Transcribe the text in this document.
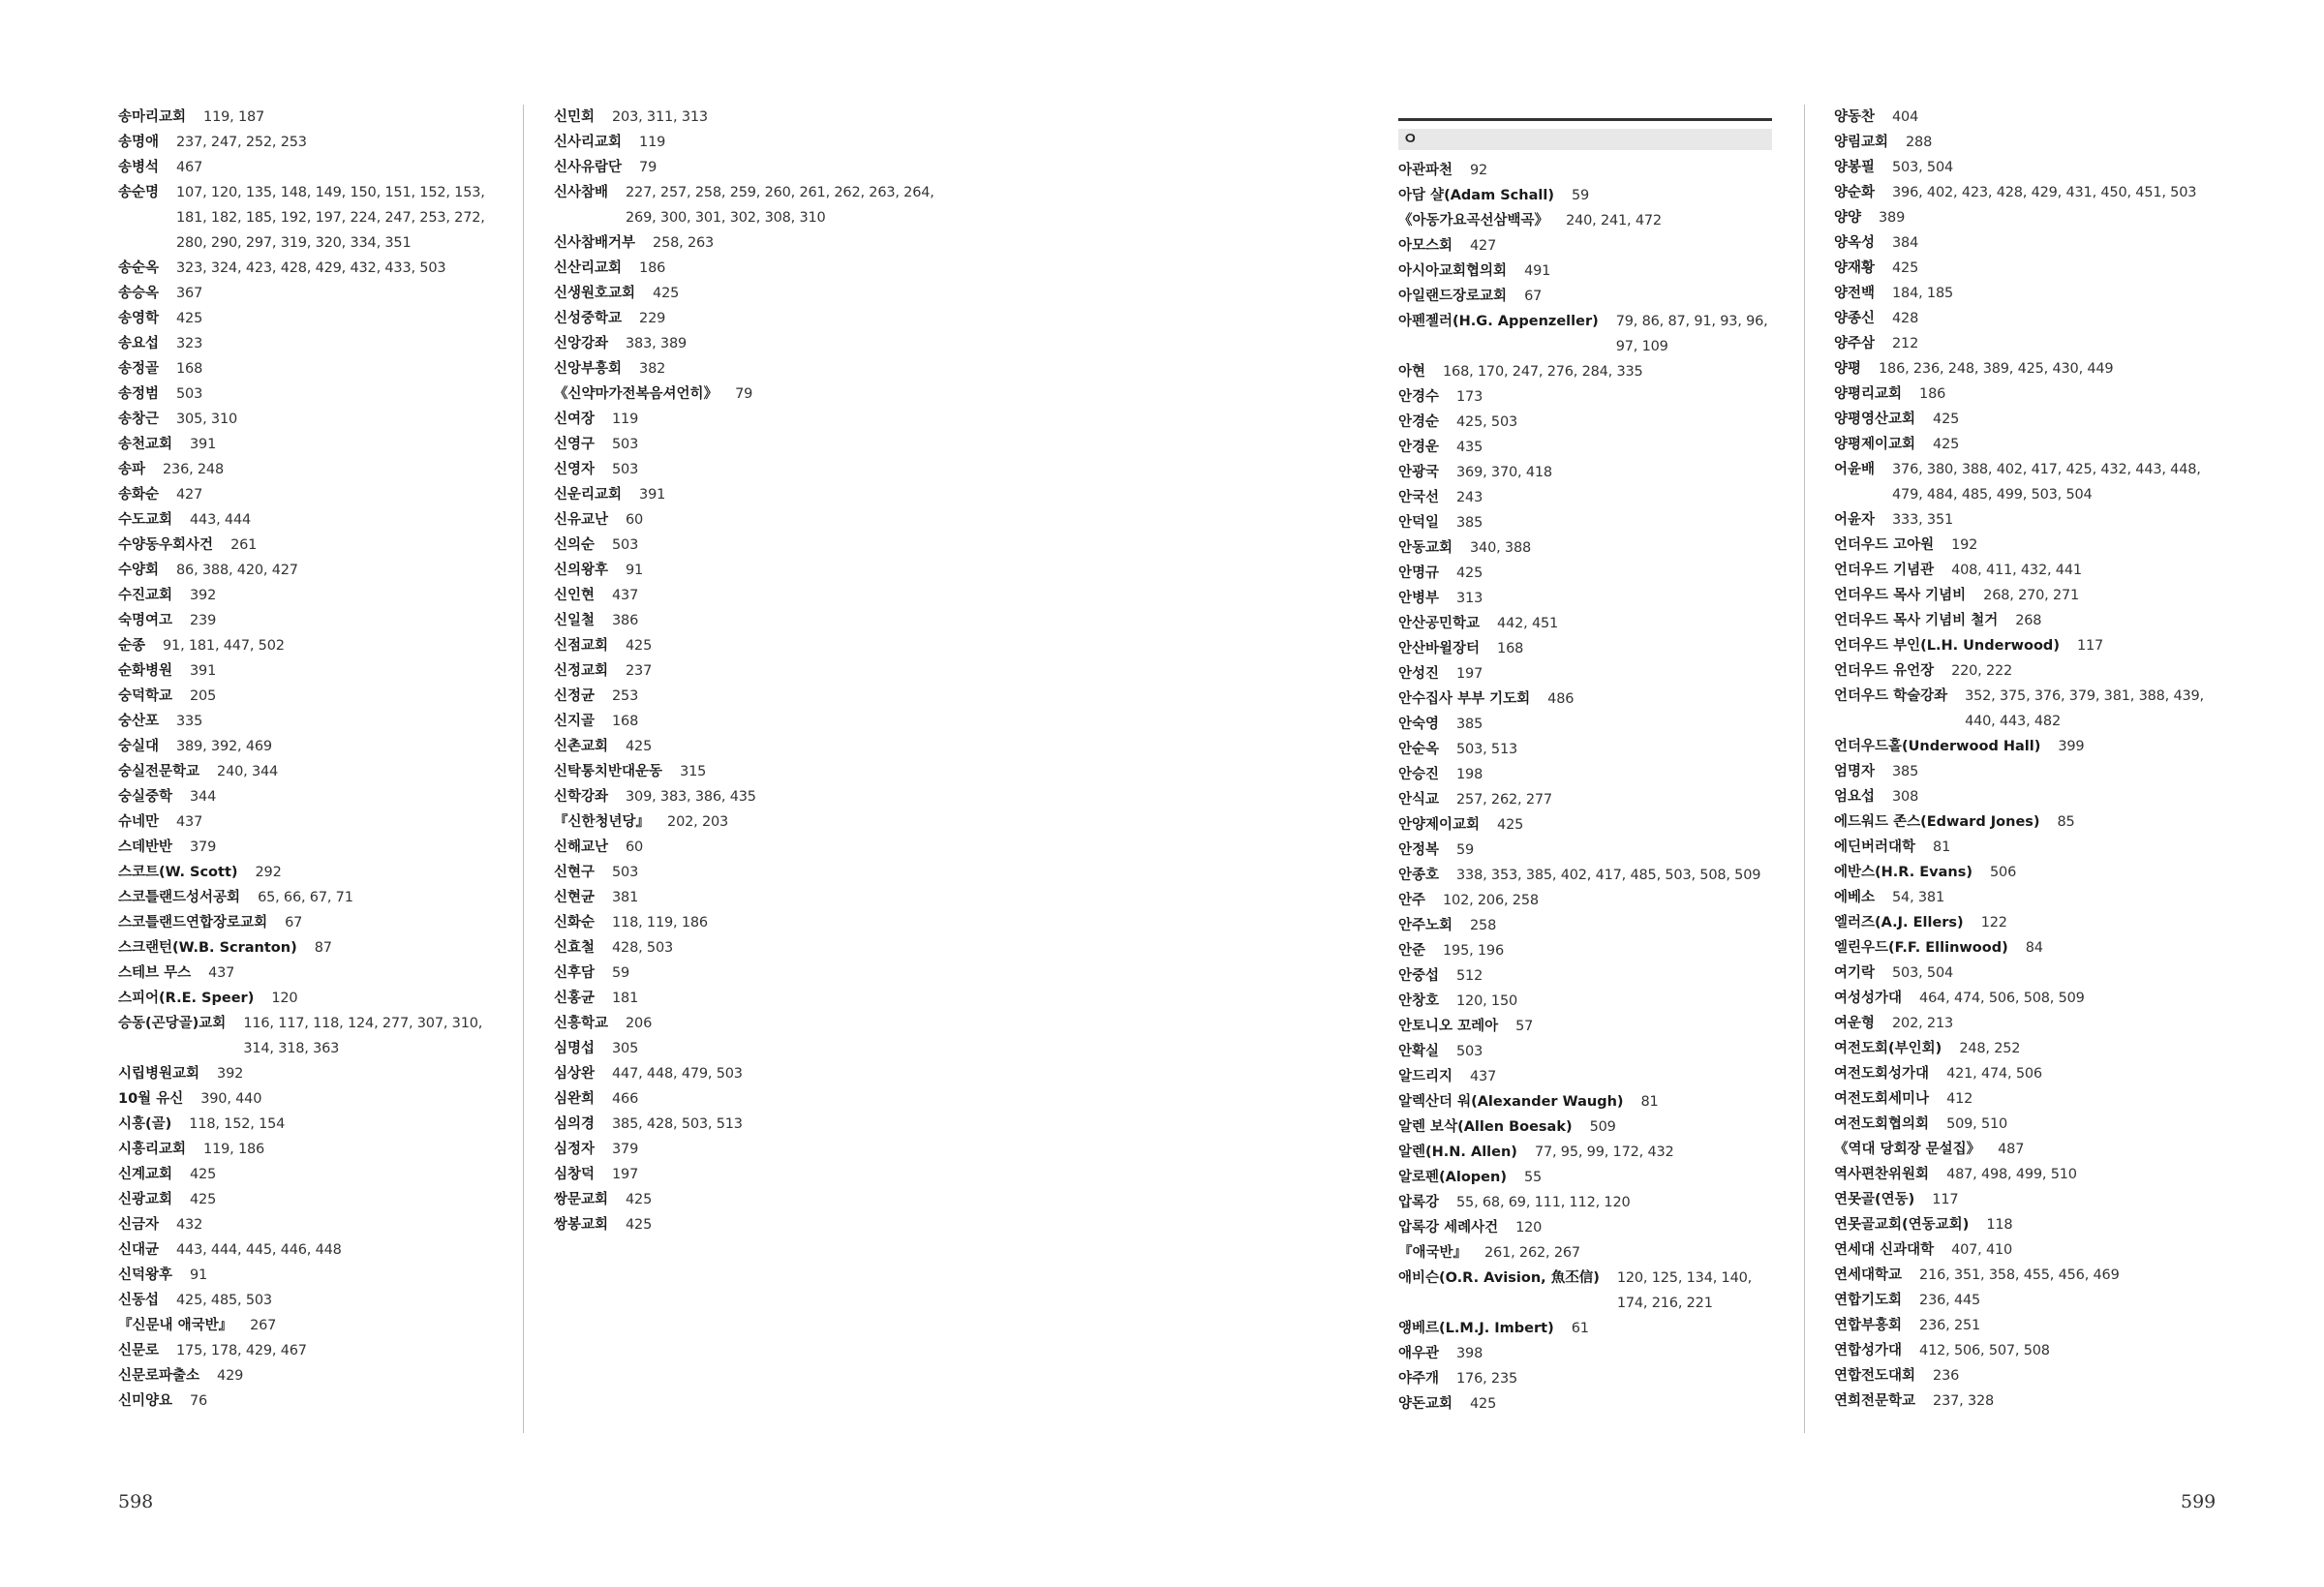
송마리교회	119, 187
송명애	237, 247, 252, 253
송병석	467
송순명	107, 120, 135, 148, 149, 150, 151, 152, 153, 181, 182, 185, 192, 197, 224, 247, 253, 272, 280, 290, 297, 319, 320, 334, 351
송순옥	323, 324, 423, 428, 429, 432, 433, 503
송승옥	367
송영학	425
송요섭	323
송정골	168
송정범	503
송창근	305, 310
송천교회	391
송파	236, 248
송화순	427
수도교회	443, 444
수양동우회사건	261
수양회	86, 388, 420, 427
수진교회	392
숙명여고	239
순종	91, 181, 447, 502
순화병원	391
숭덕학교	205
숭산포	335
숭실대	389, 392, 469
숭실전문학교	240, 344
숭실중학	344
슈네만	437
스데반반	379
스코트(W. Scott)	292
스코틀랜드성서공회	65, 66, 67, 71
스코틀랜드연합장로교회	67
스크랜턴(W.B. Scranton)	87
스테브 무스	437
스피어(R.E. Speer)	120
승동(곤당골)교회	116, 117, 118, 124, 277, 307, 310, 314, 318, 363
시립병원교회	392
10월 유신	390, 440
시흥(골)	118, 152, 154
시흥리교회	119, 186
신계교회	425
신광교회	425
신금자	432
신대균	443, 444, 445, 446, 448
신덕왕후	91
신동섭	425, 485, 503
『신문내 애국반』	267
신문로	175, 178, 429, 467
신문로파출소	429
신미양요	76
신민회	203, 311, 313
신사리교회	119
신사유람단	79
신사참배	227, 257, 258, 259, 260, 261, 262, 263, 264, 269, 300, 301, 302, 308, 310
신사참배거부	258, 263
신산리교회	186
신생원호교회	425
신성중학교	229
신앙강좌	383, 389
신앙부흥회	382
《신약마가전복음셔언히》	79
신여장	119
신영구	503
신영자	503
신운리교회	391
신유교난	60
신의순	503
신의왕후	91
신인현	437
신일철	386
신점교회	425
신정교회	237
신정균	253
신지골	168
신촌교회	425
신탁통치반대운동	315
신학강좌	309, 383, 386, 435
『신한청년당』	202, 203
신해교난	60
신현구	503
신현균	381
신화순	118, 119, 186
신효철	428, 503
신후담	59
신홍균	181
신흥학교	206
심명섭	305
심상완	447, 448, 479, 503
심완희	466
심의경	385, 428, 503, 513
심정자	379
심창덕	197
쌍문교회	425
쌍봉교회	425
598
ㅇ
아관파천	92
아담 샬(Adam Schall)	59
《아동가요곡선삼백곡》	240, 241, 472
아모스회	427
아시아교회협의회	491
아일랜드장로교회	67
아펜젤러(H.G. Appenzeller)	79, 86, 87, 91, 93, 96, 97, 109
아현	168, 170, 247, 276, 284, 335
안경수	173
안경순	425, 503
안경운	435
안광국	369, 370, 418
안국선	243
안덕일	385
안동교회	340, 388
안명규	425
안병부	313
안산공민학교	442, 451
안산바윌장터	168
안성진	197
안수집사 부부 기도회	486
안숙영	385
안순옥	503, 513
안승진	198
안식교	257, 262, 277
안양제이교회	425
안정복	59
안종호	338, 353, 385, 402, 417, 485, 503, 508, 509
안주	102, 206, 258
안주노회	258
안준	195, 196
안중섭	512
안창호	120, 150
안토니오 꼬레아	57
안확실	503
알드리지	437
알렉산더 워(Alexander Waugh)	81
알렌 보삭(Allen Boesak)	509
알렌(H.N. Allen)	77, 95, 99, 172, 432
알로펜(Alopen)	55
압록강	55, 68, 69, 111, 112, 120
압록강 세례사건	120
『애국반』	261, 262, 267
애비슨(O.R. Avision, 魚丕信)	120, 125, 134, 140, 174, 216, 221
앵베르(L.M.J. Imbert)	61
애우관	398
야주개	176, 235
양돈교회	425
양동찬	404
양림교회	288
양봉필	503, 504
양순화	396, 402, 423, 428, 429, 431, 450, 451, 503
양양	389
양옥성	384
양재황	425
양전백	184, 185
양종신	428
양주삼	212
양평	186, 236, 248, 389, 425, 430, 449
양평리교회	186
양평영산교회	425
양평제이교회	425
어윤배	376, 380, 388, 402, 417, 425, 432, 443, 448, 479, 484, 485, 499, 503, 504
어윤자	333, 351
언더우드 고아원	192
언더우드 기념관	408, 411, 432, 441
언더우드 목사 기념비	268, 270, 271
언더우드 목사 기념비 철거	268
언더우드 부인(L.H. Underwood)	117
언더우드 유언장	220, 222
언더우드 학술강좌	352, 375, 376, 379, 381, 388, 439, 440, 443, 482
언더우드홀(Underwood Hall)	399
엄명자	385
엄요섭	308
에드워드 존스(Edward Jones)	85
에딘버러대학	81
에반스(H.R. Evans)	506
에베소	54, 381
엘러즈(A.J. Ellers)	122
엘린우드(F.F. Ellinwood)	84
여기락	503, 504
여성성가대	464, 474, 506, 508, 509
여운형	202, 213
여전도회(부인회)	248, 252
여전도회성가대	421, 474, 506
여전도회세미나	412
여전도회협의회	509, 510
《역대 당회장 문설집》	487
역사편찬위원회	487, 498, 499, 510
연못골(연동)	117
연못골교회(연동교회)	118
연세대 신과대학	407, 410
연세대학교	216, 351, 358, 455, 456, 469
연합기도회	236, 445
연합부흥회	236, 251
연합성가대	412, 506, 507, 508
연합전도대회	236
연희전문학교	237, 328
599
